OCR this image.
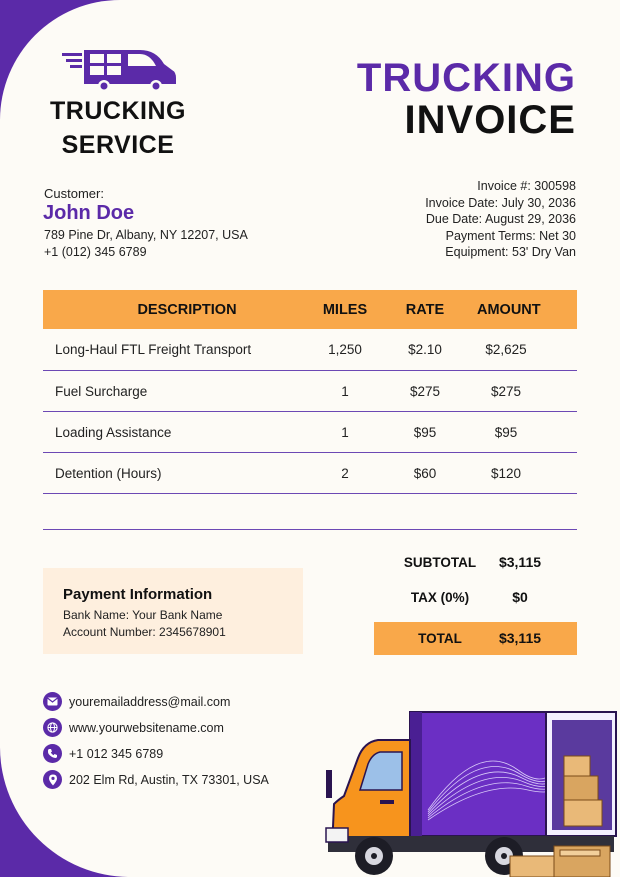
TRUCKING
SERVICE
TRUCKING
INVOICE
Customer:
John Doe
789 Pine Dr, Albany, NY 12207, USA
+1 (012) 345 6789
Invoice #: 300598
Invoice Date: July 30, 2036
Due Date: August 29, 2036
Payment Terms: Net 30
Equipment: 53' Dry Van
DESCRIPTION	MILES	RATE	AMOUNT
Long-Haul FTL Freight Transport	1,250	$2.10	$2,625
Fuel Surcharge	1	$275	$275
Loading Assistance	1	$95	$95
Detention (Hours)	2	$60	$120
Payment Information
Bank Name: Your Bank Name
Account Number: 2345678901
SUBTOTAL	$3,115
TAX (0%)	$0
TOTAL	$3,115
youremailaddress@mail.com
www.yourwebsitename.com
+1 012 345 6789
202 Elm Rd, Austin, TX 73301, USA
